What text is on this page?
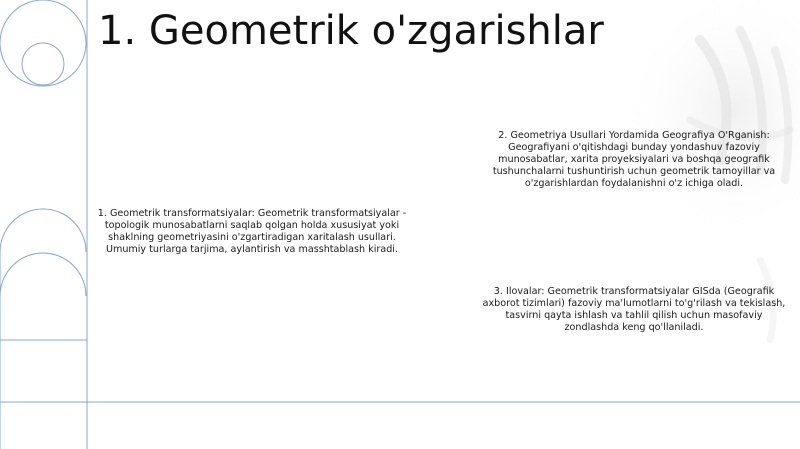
1. Geometrik o'zgarishlar

1. Geometrik transformatsiyalar: Geometrik transformatsiyalar - topologik munosabatlarni saqlab qolgan holda xususiyat yoki shaklning geometriyasini o'zgartiradigan xaritalash usullari. Umumiy turlarga tarjima, aylantirish va masshtablash kiradi.

2. Geometriya Usullari Yordamida Geografiya O'Rganish: Geografiyani o'qitishdagi bunday yondashuv fazoviy munosabatlar, xarita proyeksiyalari va boshqa geografik tushunchalarni tushuntirish uchun geometrik tamoyillar va o'zgarishlardan foydalanishni o'z ichiga oladi.

3. Ilovalar: Geometrik transformatsiyalar GISda (Geografik axborot tizimlari) fazoviy ma'lumotlarni to'g'rilash va tekislash, tasvirni qayta ishlash va tahlil qilish uchun masofaviy zondlashda keng qo'llaniladi.
